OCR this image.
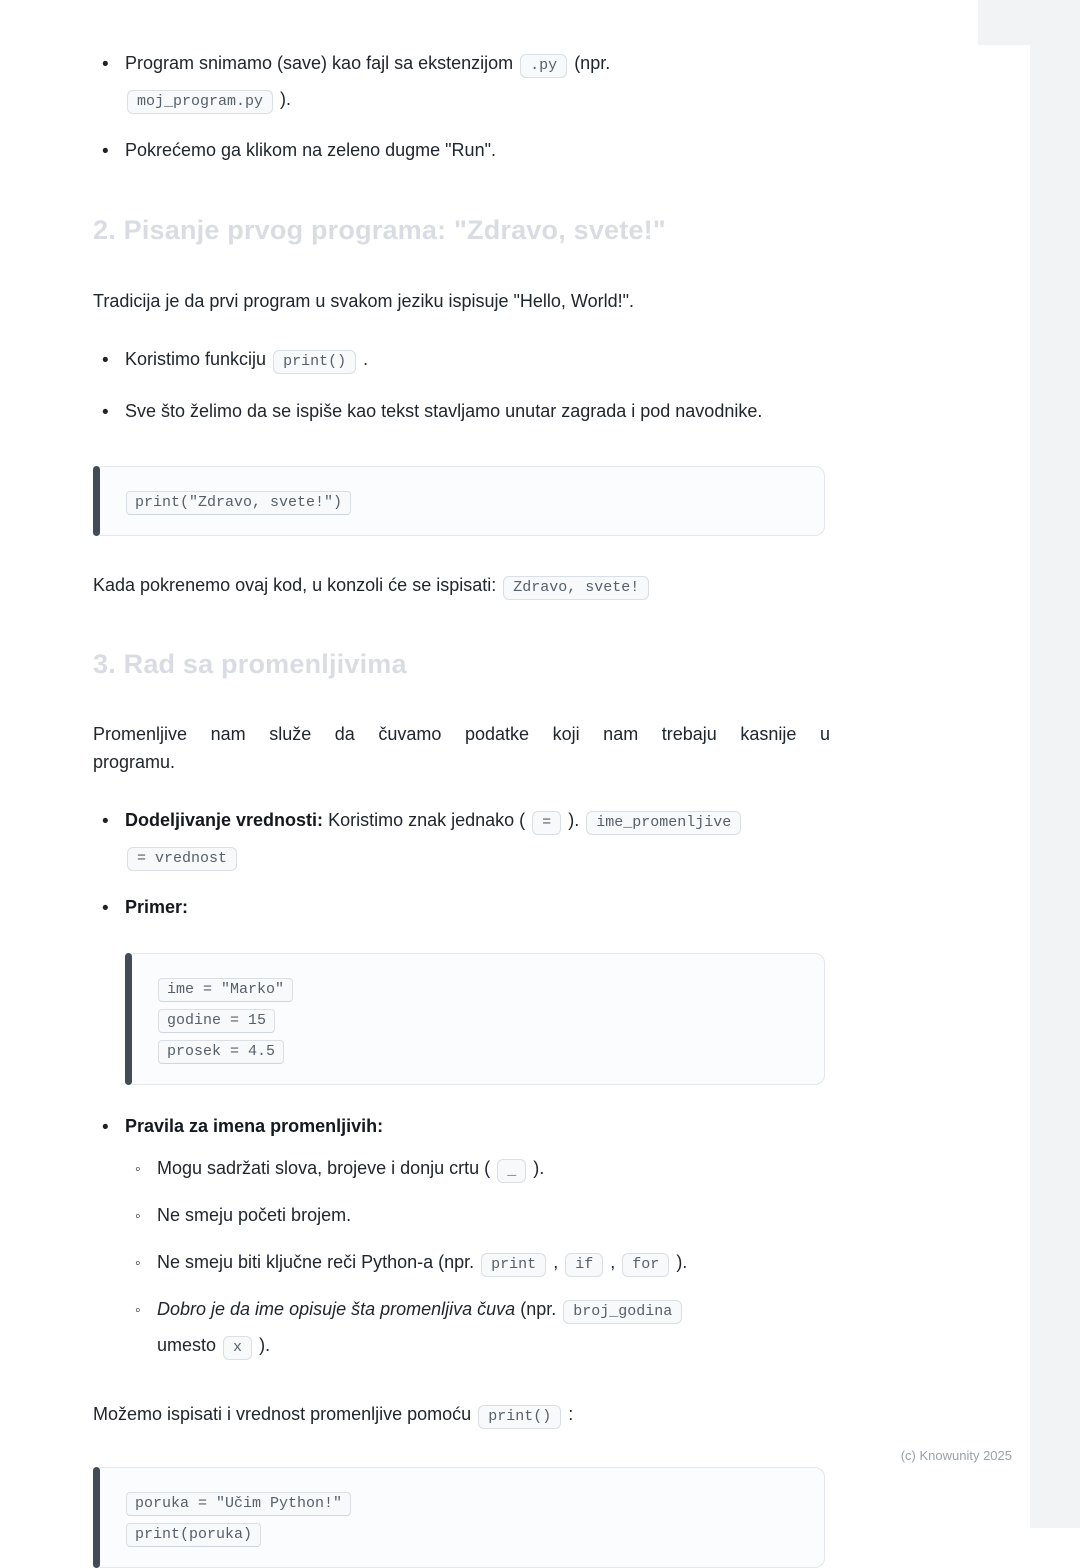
•
Program snimamo (save) kao fajl sa ekstenzijom .py (npr.
moj_program.py ).
•
Pokrećemo ga klikom na zeleno dugme "Run".
2. Pisanje prvog programa: "Zdravo, svete!"

Tradicija je da prvi program u svakom jeziku ispisuje "Hello, World!".

•
Koristimo funkciju print() .
•
Sve što želimo da se ispiše kao tekst stavljamo unutar zagrada i pod navodnike.
print("Zdravo, svete!")

Kada pokrenemo ovaj kod, u konzoli će se ispisati: Zdravo, svete!

3. Rad sa promenljivima

Promenljive nam služe da čuvamo podatke koji nam trebaju kasnije u
programu.

•
Dodeljivanje vrednosti: Koristimo znak jednako ( = ). ime_promenljive
= vrednost
•
Primer:
ime = "Marko"
godine = 15
prosek = 4.5
•
Pravila za imena promenljivih:
◦
Mogu sadržati slova, brojeve i donju crtu ( _ ).
◦
Ne smeju početi brojem.
◦
Ne smeju biti ključne reči Python-a (npr. print , if , for ).
◦
Dobro je da ime opisuje šta promenljiva čuva (npr. broj_godina
umesto x ).

Možemo ispisati i vrednost promenljive pomoću print() :

poruka = "Učim Python!"
print(poruka)
(c) Knowunity 2025
